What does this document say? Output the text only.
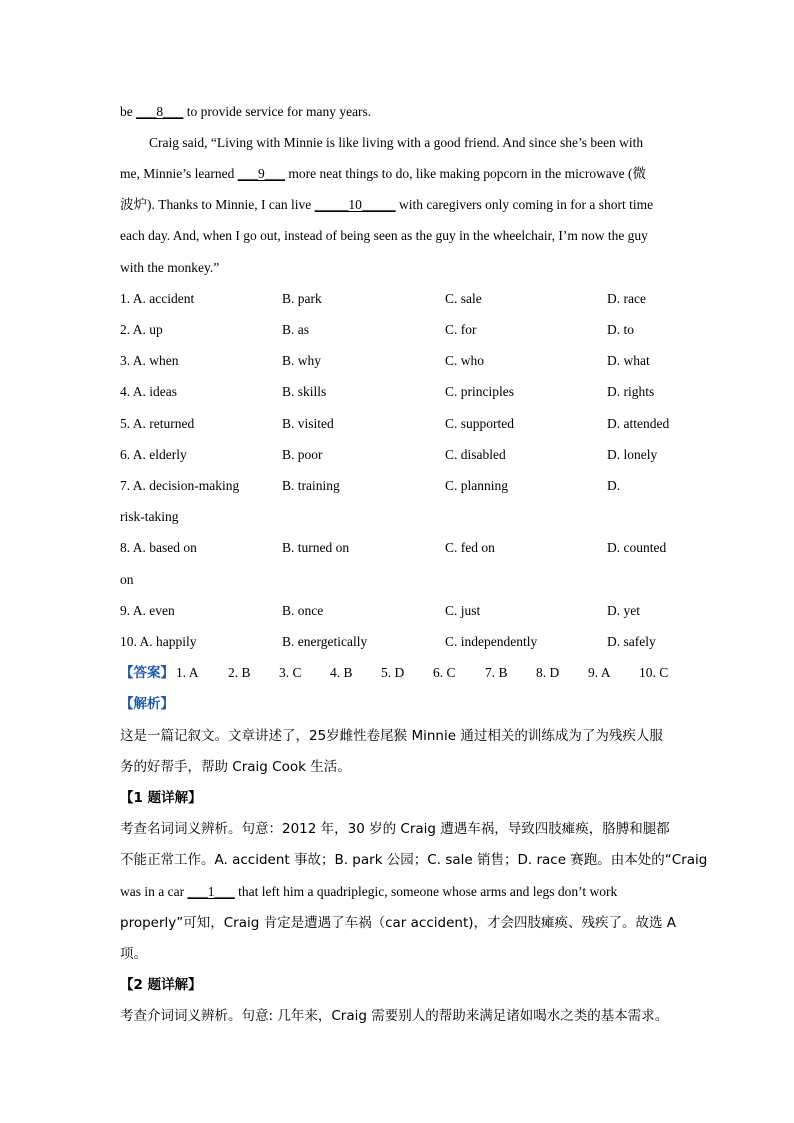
be ___8___ to provide service for many years.
Craig said, “Living with Minnie is like living with a good friend. And since she’s been with
me, Minnie’s learned ___9___ more neat things to do, like making popcorn in the microwave (微
波炉). Thanks to Minnie, I can live _____10_____ with caregivers only coming in for a short time
each day. And, when I go out, instead of being seen as the guy in the wheelchair, I’m now the guy
with the monkey.”
1. A. accident	B. park	C. sale	D. race
2. A. up	B. as	C. for	D. to
3. A. when	B. why	C. who	D. what
4. A. ideas	B. skills	C. principles	D. rights
5. A. returned	B. visited	C. supported	D. attended
6. A. elderly	B. poor	C. disabled	D. lonely
7. A. decision-making	B. training	C. planning	D.
risk-taking
8. A. based on	B. turned on	C. fed on	D. counted
on
9. A. even	B. once	C. just	D. yet
10. A. happily	B. energetically	C. independently	D. safely
【答案】 1. A 2. B 3. C 4. B 5. D 6. C 7. B 8. D 9. A 10. C
【解析】
这是一篇记叙文。文章讲述了，25岁雌性卷尾猴 Minnie 通过相关的训练成为了为残疾人服
务的好帮手，帮助 Craig Cook 生活。
【1 题详解】
考查名词词义辨析。句意：2012 年，30 岁的 Craig 遭遇车祸，导致四肢瘫痪，胳膊和腿都
不能正常工作。A. accident 事故；B. park 公园；C. sale 销售；D. race 赛跑。由本处的“Craig
was in a car ___1___ that left him a quadriplegic, someone whose arms and legs don’t work
properly”可知，Craig 肯定是遭遇了车祸（car accident)，才会四肢瘫痪、残疾了。故选 A
项。
【2 题详解】
考查介词词义辨析。句意: 几年来，Craig 需要别人的帮助来满足诸如喝水之类的基本需求。
